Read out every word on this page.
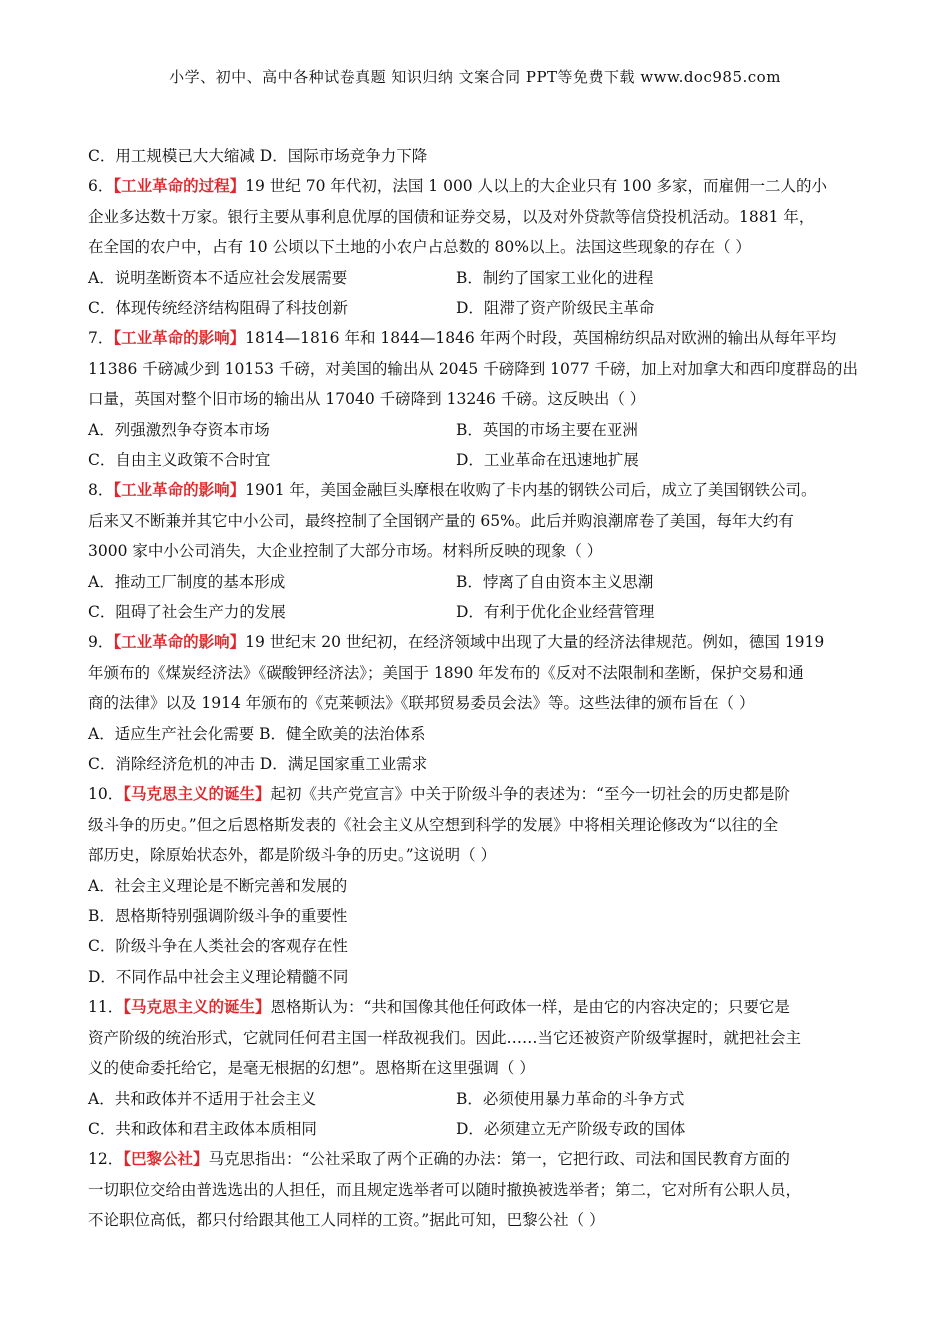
小学、初中、高中各种试卷真题 知识归纳 文案合同 PPT等免费下载 www.doc985.com
C．用工规模已大大缩减 D．国际市场竞争力下降
6．【工业革命的过程】19 世纪 70 年代初，法国 1 000 人以上的大企业只有 100 多家，而雇佣一二人的小
企业多达数十万家。银行主要从事利息优厚的国债和证券交易，以及对外贷款等信贷投机活动。1881 年，
在全国的农户中，占有 10 公顷以下土地的小农户占总数的 80%以上。法国这些现象的存在（ ）
A．说明垄断资本不适应社会发展需要	B．制约了国家工业化的进程
C．体现传统经济结构阻碍了科技创新	D．阻滞了资产阶级民主革命
7．【工业革命的影响】1814—1816 年和 1844—1846 年两个时段，英国棉纺织品对欧洲的输出从每年平均
11386 千磅减少到 10153 千磅，对美国的输出从 2045 千磅降到 1077 千磅，加上对加拿大和西印度群岛的出
口量，英国对整个旧市场的输出从 17040 千磅降到 13246 千磅。这反映出（ ）
A．列强激烈争夺资本市场	B．英国的市场主要在亚洲
C．自由主义政策不合时宜	D．工业革命在迅速地扩展
8．【工业革命的影响】1901 年，美国金融巨头摩根在收购了卡内基的钢铁公司后，成立了美国钢铁公司。
后来又不断兼并其它中小公司，最终控制了全国钢产量的 65%。此后并购浪潮席卷了美国，每年大约有
3000 家中小公司消失，大企业控制了大部分市场。材料所反映的现象（ ）
A．推动工厂制度的基本形成	B．悖离了自由资本主义思潮
C．阻碍了社会生产力的发展	D．有利于优化企业经营管理
9．【工业革命的影响】19 世纪末 20 世纪初，在经济领域中出现了大量的经济法律规范。例如，德国 1919
年颁布的《煤炭经济法》《碳酸钾经济法》；美国于 1890 年发布的《反对不法限制和垄断，保护交易和通
商的法律》以及 1914 年颁布的《克莱顿法》《联邦贸易委员会法》等。这些法律的颁布旨在（ ）
A．适应生产社会化需要 B．健全欧美的法治体系
C．消除经济危机的冲击 D．满足国家重工业需求
10．【马克思主义的诞生】起初《共产党宣言》中关于阶级斗争的表述为：“至今一切社会的历史都是阶
级斗争的历史。”但之后恩格斯发表的《社会主义从空想到科学的发展》中将相关理论修改为“以往的全
部历史，除原始状态外，都是阶级斗争的历史。”这说明（ ）
A．社会主义理论是不断完善和发展的
B．恩格斯特别强调阶级斗争的重要性
C．阶级斗争在人类社会的客观存在性
D．不同作品中社会主义理论精髓不同
11．【马克思主义的诞生】恩格斯认为：“共和国像其他任何政体一样，是由它的内容决定的；只要它是
资产阶级的统治形式，它就同任何君主国一样敌视我们。因此……当它还被资产阶级掌握时，就把社会主
义的使命委托给它，是毫无根据的幻想”。恩格斯在这里强调（ ）
A．共和政体并不适用于社会主义	B．必须使用暴力革命的斗争方式
C．共和政体和君主政体本质相同	D．必须建立无产阶级专政的国体
12．【巴黎公社】马克思指出：“公社采取了两个正确的办法：第一，它把行政、司法和国民教育方面的
一切职位交给由普选选出的人担任，而且规定选举者可以随时撤换被选举者；第二，它对所有公职人员，
不论职位高低，都只付给跟其他工人同样的工资。”据此可知，巴黎公社（ ）
